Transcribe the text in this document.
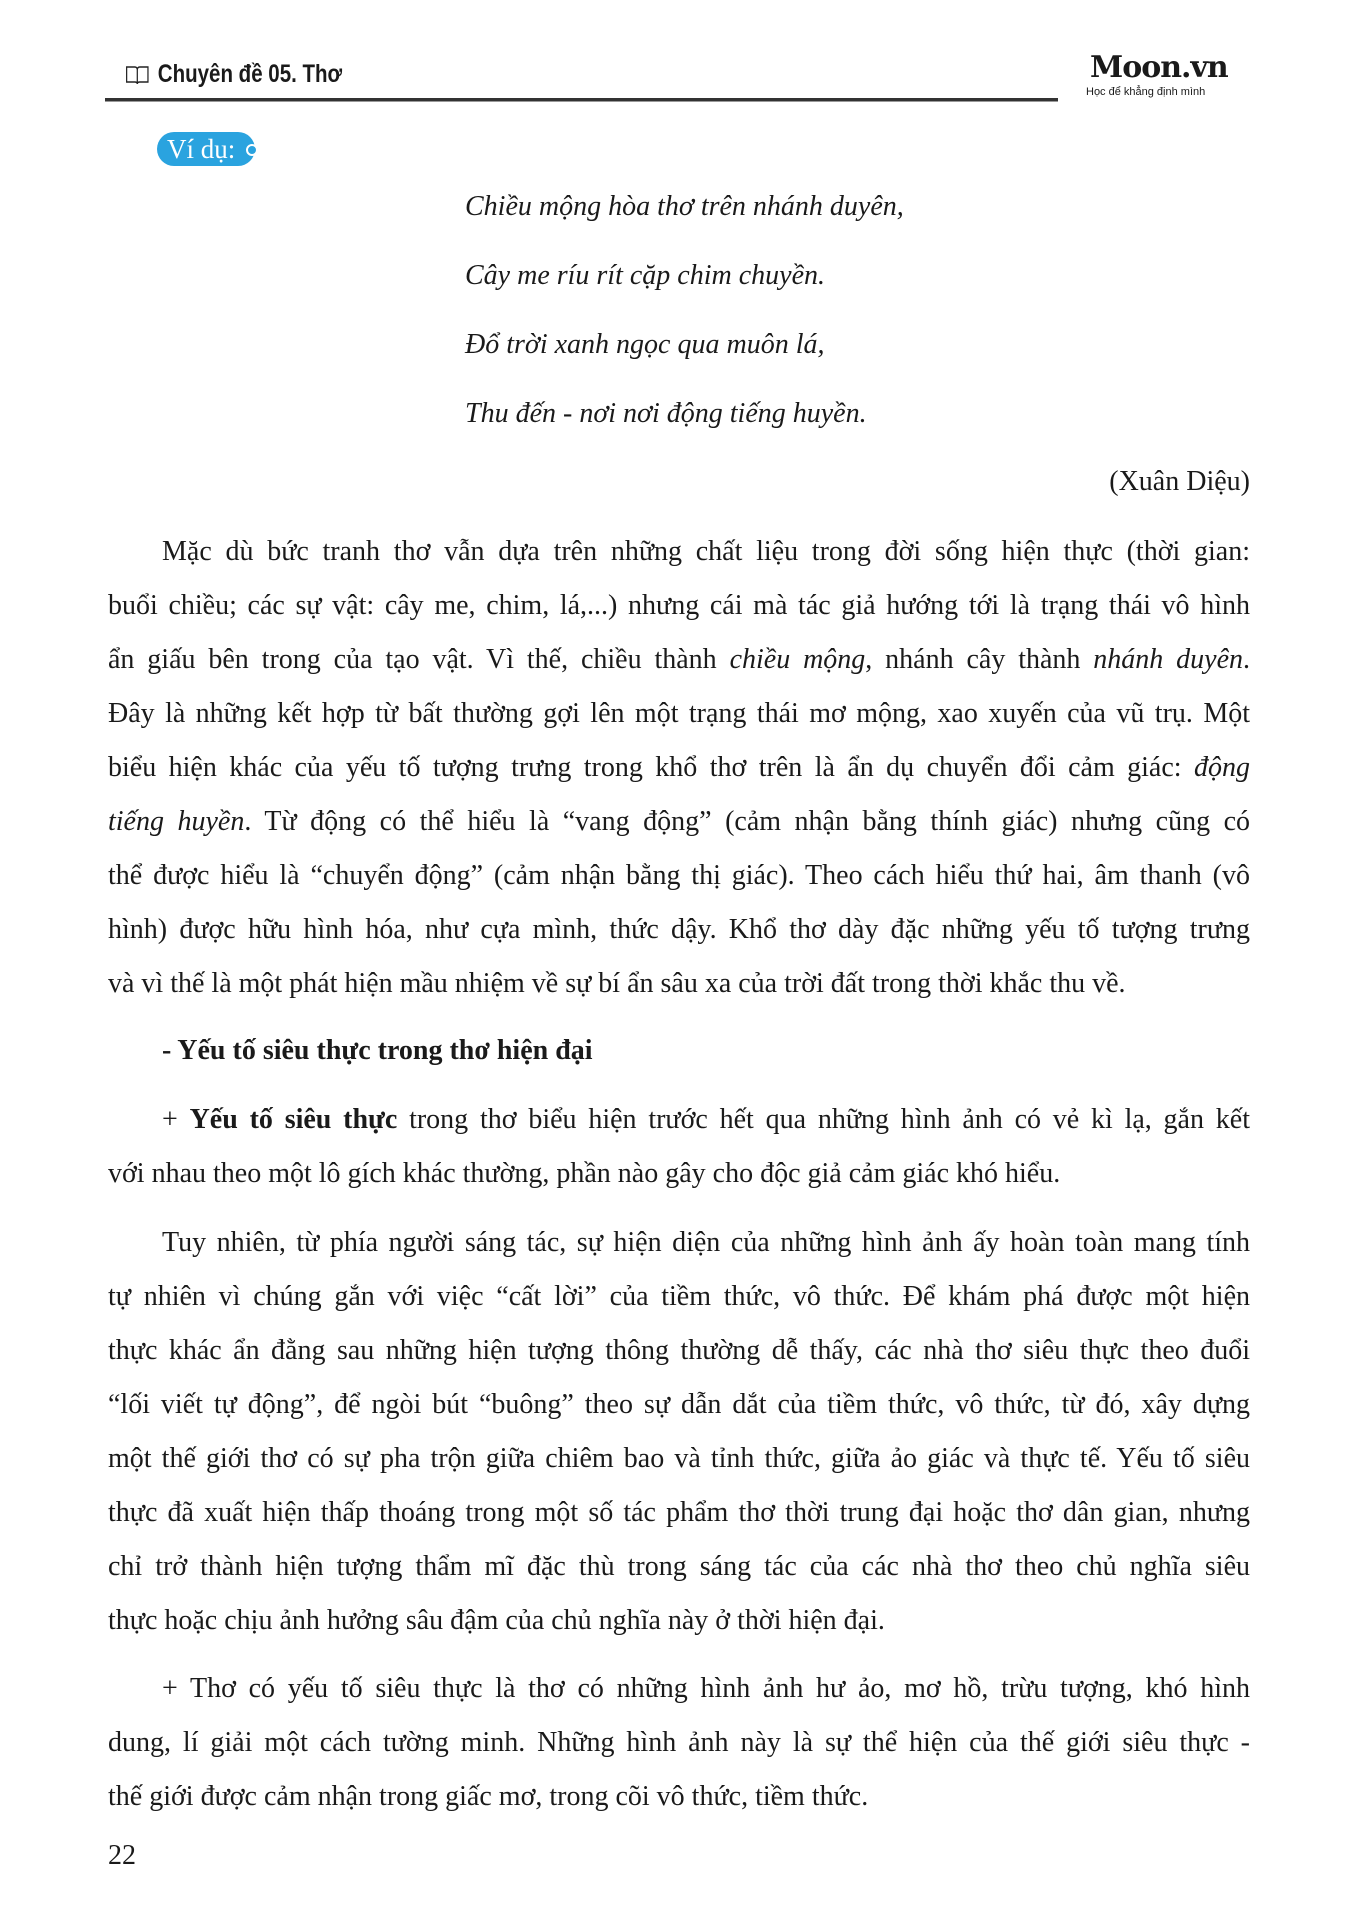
Chuyên đề 05. Thơ	Moon.vn
Học để khẳng định mình
Ví dụ:
Chiều mộng hòa thơ trên nhánh duyên,
Cây me ríu rít cặp chim chuyền.
Đổ trời xanh ngọc qua muôn lá,
Thu đến - nơi nơi động tiếng huyền.
(Xuân Diệu)
Mặc dù bức tranh thơ vẫn dựa trên những chất liệu trong đời sống hiện thực (thời gian:
buổi chiều; các sự vật: cây me, chim, lá,...) nhưng cái mà tác giả hướng tới là trạng thái vô hình
ẩn giấu bên trong của tạo vật. Vì thế, chiều thành chiều mộng, nhánh cây thành nhánh duyên.
Đây là những kết hợp từ bất thường gợi lên một trạng thái mơ mộng, xao xuyến của vũ trụ. Một
biểu hiện khác của yếu tố tượng trưng trong khổ thơ trên là ẩn dụ chuyển đổi cảm giác: động
tiếng huyền. Từ động có thể hiểu là “vang động” (cảm nhận bằng thính giác) nhưng cũng có
thể được hiểu là “chuyển động” (cảm nhận bằng thị giác). Theo cách hiểu thứ hai, âm thanh (vô
hình) được hữu hình hóa, như cựa mình, thức dậy. Khổ thơ dày đặc những yếu tố tượng trưng
và vì thế là một phát hiện mầu nhiệm về sự bí ẩn sâu xa của trời đất trong thời khắc thu về.
- Yếu tố siêu thực trong thơ hiện đại
+ Yếu tố siêu thực trong thơ biểu hiện trước hết qua những hình ảnh có vẻ kì lạ, gắn kết
với nhau theo một lô gích khác thường, phần nào gây cho độc giả cảm giác khó hiểu.
Tuy nhiên, từ phía người sáng tác, sự hiện diện của những hình ảnh ấy hoàn toàn mang tính
tự nhiên vì chúng gắn với việc “cất lời” của tiềm thức, vô thức. Để khám phá được một hiện
thực khác ẩn đằng sau những hiện tượng thông thường dễ thấy, các nhà thơ siêu thực theo đuổi
“lối viết tự động”, để ngòi bút “buông” theo sự dẫn dắt của tiềm thức, vô thức, từ đó, xây dựng
một thế giới thơ có sự pha trộn giữa chiêm bao và tỉnh thức, giữa ảo giác và thực tế. Yếu tố siêu
thực đã xuất hiện thấp thoáng trong một số tác phẩm thơ thời trung đại hoặc thơ dân gian, nhưng
chỉ trở thành hiện tượng thẩm mĩ đặc thù trong sáng tác của các nhà thơ theo chủ nghĩa siêu
thực hoặc chịu ảnh hưởng sâu đậm của chủ nghĩa này ở thời hiện đại.
+ Thơ có yếu tố siêu thực là thơ có những hình ảnh hư ảo, mơ hồ, trừu tượng, khó hình
dung, lí giải một cách tường minh. Những hình ảnh này là sự thể hiện của thế giới siêu thực -
thế giới được cảm nhận trong giấc mơ, trong cõi vô thức, tiềm thức.
22
